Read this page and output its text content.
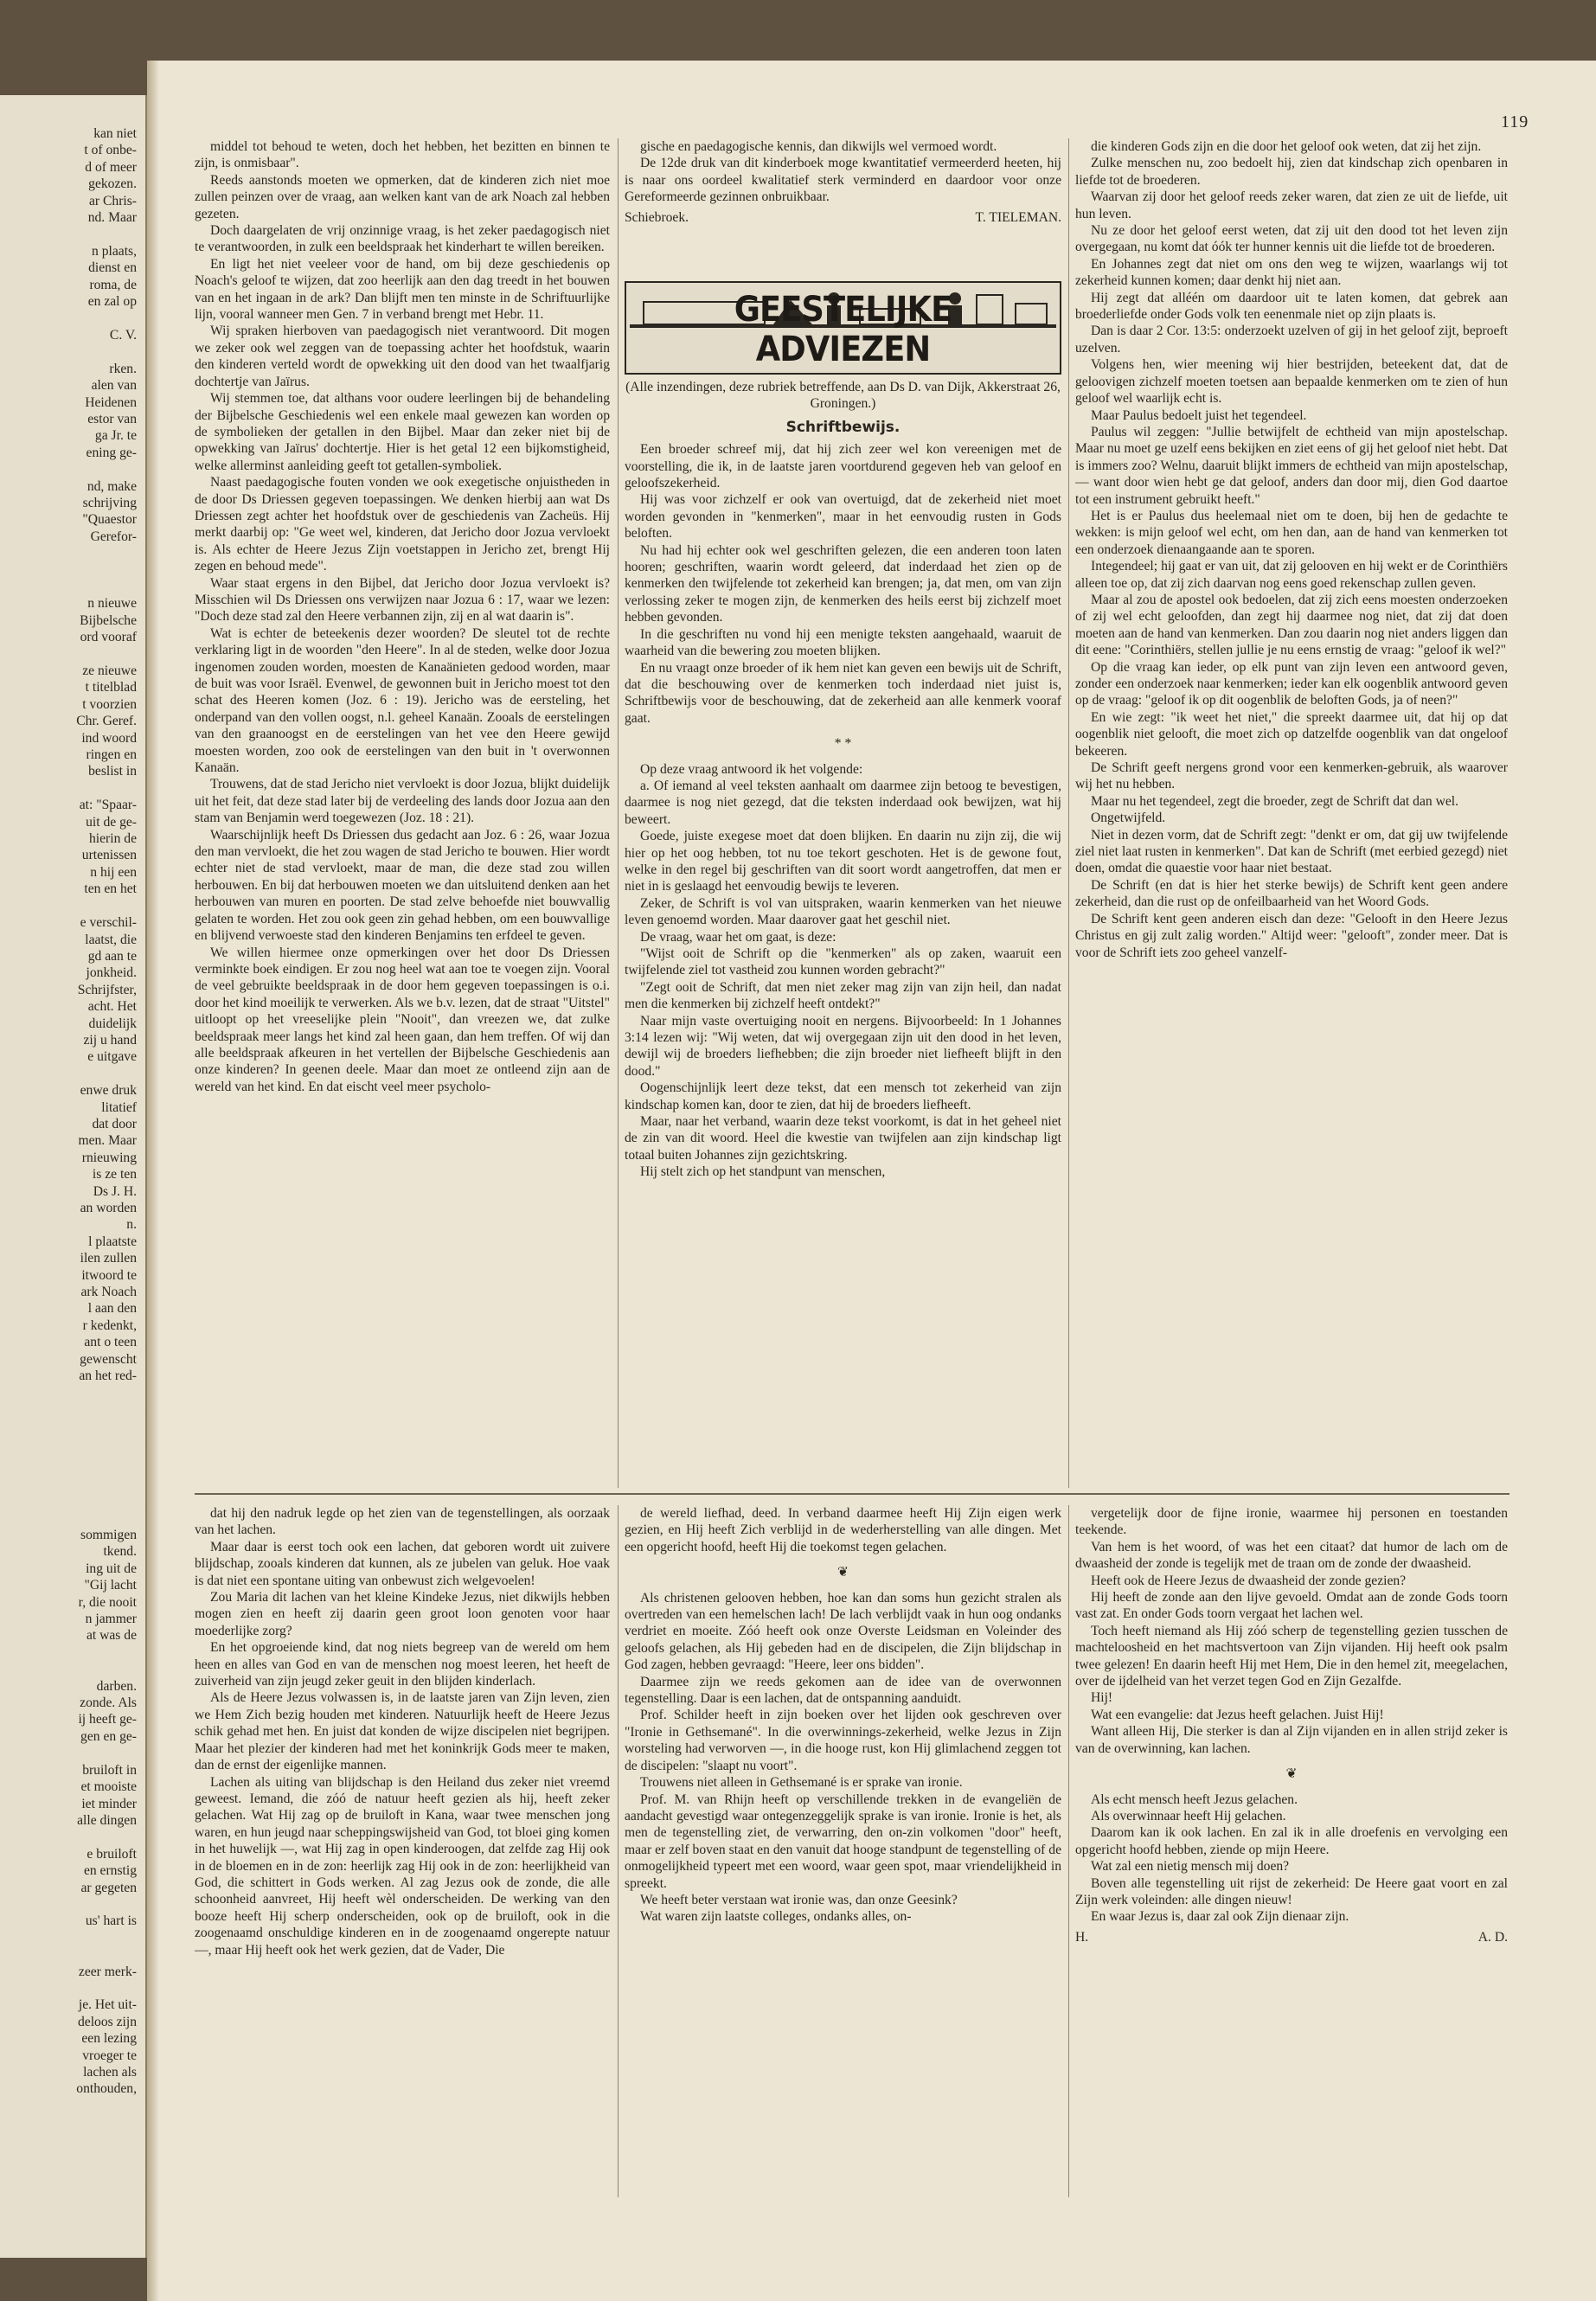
kan niet
t of onbe-
d of meer
gekozen.
ar Chris-
nd. Maar

n plaats,
dienst en
roma, de
en zal op

C. V.

rken.
alen van
Heidenen
estor van
ga Jr. te
ening ge-

nd, make
schrijving
"Quaestor
Gerefor-

n nieuwe
Bijbelsche
ord vooraf

ze nieuwe
t titelblad
t voorzien
Chr. Geref.
ind woord
ringen en
beslist in

at: "Spaar-
uit de ge-
hierin de
urtenissen
n hij een
ten en het

e verschil-
laatst, die
gd aan te
jonkheid.
Schrijfster,
acht. Het
duidelijk
zij u hand
e uitgave

enwe druk
litatief
dat door
men. Maar
rnieuwing
is ze ten
Ds J. H.
an worden
n.
l plaatste
ilen zullen
itwoord te
ark Noach
l aan den
r kedenkt,
ant o teen
gewenscht
an het red-
sommigen
tkend.
ing uit de
"Gij lacht
r, die nooit
n jammer
at was de

darben.
zonde. Als
ij heeft ge-
gen en ge-

bruiloft in
et mooiste
iet minder
alle dingen

e bruiloft
en ernstig
ar gegeten

us' hart is

zeer merk-

je. Het uit-
deloos zijn
een lezing
vroeger te
lachen als
onthouden,
119

middel tot behoud te weten, doch het hebben, het bezitten en binnen te zijn, is onmisbaar".

Reeds aanstonds moeten we opmerken, dat de kinderen zich niet moe zullen peinzen over de vraag, aan welken kant van de ark Noach zal hebben gezeten.

Doch daargelaten de vrij onzinnige vraag, is het zeker paedagogisch niet te verantwoorden, in zulk een beeldspraak het kinderhart te willen bereiken.

En ligt het niet veeleer voor de hand, om bij deze geschiedenis op Noach's geloof te wijzen, dat zoo heerlijk aan den dag treedt in het bouwen van en het ingaan in de ark? Dan blijft men ten minste in de Schriftuurlijke lijn, vooral wanneer men Gen. 7 in verband brengt met Hebr. 11.

Wij spraken hierboven van paedagogisch niet verantwoord. Dit mogen we zeker ook wel zeggen van de toepassing achter het hoofdstuk, waarin den kinderen verteld wordt de opwekking uit den dood van het twaalfjarig dochtertje van Jaïrus.

Wij stemmen toe, dat althans voor oudere leerlingen bij de behandeling der Bijbelsche Geschiedenis wel een enkele maal gewezen kan worden op de symbolieken der getallen in den Bijbel. Maar dan zeker niet bij de opwekking van Jaïrus' dochtertje. Hier is het getal 12 een bijkomstigheid, welke allerminst aanleiding geeft tot getallen-symboliek.

Naast paedagogische fouten vonden we ook exegetische onjuistheden in de door Ds Driessen gegeven toepassingen. We denken hierbij aan wat Ds Driessen zegt achter het hoofdstuk over de geschiedenis van Zacheüs. Hij merkt daarbij op: "Ge weet wel, kinderen, dat Jericho door Jozua vervloekt is. Als echter de Heere Jezus Zijn voetstappen in Jericho zet, brengt Hij zegen en behoud mede".

Waar staat ergens in den Bijbel, dat Jericho door Jozua vervloekt is? Misschien wil Ds Driessen ons verwijzen naar Jozua 6 : 17, waar we lezen: "Doch deze stad zal den Heere verbannen zijn, zij en al wat daarin is".

Wat is echter de beteekenis dezer woorden? De sleutel tot de rechte verklaring ligt in de woorden "den Heere". In al de steden, welke door Jozua ingenomen zouden worden, moesten de Kanaänieten gedood worden, maar de buit was voor Israël. Evenwel, de gewonnen buit in Jericho moest tot den schat des Heeren komen (Joz. 6 : 19). Jericho was de eersteling, het onderpand van den vollen oogst, n.l. geheel Kanaän. Zooals de eerstelingen van den graanoogst en de eerstelingen van het vee den Heere gewijd moesten worden, zoo ook de eerstelingen van den buit in 't overwonnen Kanaän.

Trouwens, dat de stad Jericho niet vervloekt is door Jozua, blijkt duidelijk uit het feit, dat deze stad later bij de verdeeling des lands door Jozua aan den stam van Benjamin werd toegewezen (Joz. 18 : 21).

Waarschijnlijk heeft Ds Driessen dus gedacht aan Joz. 6 : 26, waar Jozua den man vervloekt, die het zou wagen de stad Jericho te bouwen. Hier wordt echter niet de stad vervloekt, maar de man, die deze stad zou willen herbouwen. En bij dat herbouwen moeten we dan uitsluitend denken aan het herbouwen van muren en poorten. De stad zelve behoefde niet bouwvallig gelaten te worden. Het zou ook geen zin gehad hebben, om een bouwvallige en blijvend verwoeste stad den kinderen Benjamins ten erfdeel te geven.

We willen hiermee onze opmerkingen over het door Ds Driessen verminkte boek eindigen. Er zou nog heel wat aan toe te voegen zijn. Vooral de veel gebruikte beeldspraak in de door hem gegeven toepassingen is o.i. door het kind moeilijk te verwerken. Als we b.v. lezen, dat de straat "Uitstel" uitloopt op het vreeselijke plein "Nooit", dan vreezen we, dat zulke beeldspraak meer langs het kind zal heen gaan, dan hem treffen. Of wij dan alle beeldspraak afkeuren in het vertellen der Bijbelsche Geschiedenis aan onze kinderen? In geenen deele. Maar dan moet ze ontleend zijn aan de wereld van het kind. En dat eischt veel meer psycholo-

gische en paedagogische kennis, dan dikwijls wel vermoed wordt.

De 12de druk van dit kinderboek moge kwantitatief vermeerderd heeten, hij is naar ons oordeel kwalitatief sterk verminderd en daardoor voor onze Gereformeerde gezinnen onbruikbaar.

Schiebroek.	T. TIELEMAN.
GEESTELIJKE ADVIEZEN

(Alle inzendingen, deze rubriek betreffende, aan Ds D. van Dijk, Akkerstraat 26, Groningen.)

Schriftbewijs.

Een broeder schreef mij, dat hij zich zeer wel kon vereenigen met de voorstelling, die ik, in de laatste jaren voortdurend gegeven heb van geloof en geloofszekerheid.

Hij was voor zichzelf er ook van overtuigd, dat de zekerheid niet moet worden gevonden in "kenmerken", maar in het eenvoudig rusten in Gods beloften.

Nu had hij echter ook wel geschriften gelezen, die een anderen toon laten hooren; geschriften, waarin wordt geleerd, dat inderdaad het zien op de kenmerken den twijfelende tot zekerheid kan brengen; ja, dat men, om van zijn verlossing zeker te mogen zijn, de kenmerken des heils eerst bij zichzelf moet hebben gevonden.

In die geschriften nu vond hij een menigte teksten aangehaald, waaruit de waarheid van die bewering zou moeten blijken.

En nu vraagt onze broeder of ik hem niet kan geven een bewijs uit de Schrift, dat die beschouwing over de kenmerken toch inderdaad niet juist is, Schriftbewijs voor de beschouwing, dat de zekerheid aan alle kenmerk vooraf gaat.

* *

Op deze vraag antwoord ik het volgende:

a. Of iemand al veel teksten aanhaalt om daarmee zijn betoog te bevestigen, daarmee is nog niet gezegd, dat die teksten inderdaad ook bewijzen, wat hij beweert.

Goede, juiste exegese moet dat doen blijken. En daarin nu zijn zij, die wij hier op het oog hebben, tot nu toe tekort geschoten. Het is de gewone fout, welke in den regel bij geschriften van dit soort wordt aangetroffen, dat men er niet in is geslaagd het eenvoudig bewijs te leveren.

Zeker, de Schrift is vol van uitspraken, waarin kenmerken van het nieuwe leven genoemd worden. Maar daarover gaat het geschil niet.

De vraag, waar het om gaat, is deze:

"Wijst ooit de Schrift op die "kenmerken" als op zaken, waaruit een twijfelende ziel tot vastheid zou kunnen worden gebracht?"

"Zegt ooit de Schrift, dat men niet zeker mag zijn van zijn heil, dan nadat men die kenmerken bij zichzelf heeft ontdekt?"

Naar mijn vaste overtuiging nooit en nergens. Bijvoorbeeld: In 1 Johannes 3:14 lezen wij: "Wij weten, dat wij overgegaan zijn uit den dood in het leven, dewijl wij de broeders liefhebben; die zijn broeder niet liefheeft blijft in den dood."

Oogenschijnlijk leert deze tekst, dat een mensch tot zekerheid van zijn kindschap komen kan, door te zien, dat hij de broeders liefheeft.

Maar, naar het verband, waarin deze tekst voorkomt, is dat in het geheel niet de zin van dit woord. Heel die kwestie van twijfelen aan zijn kindschap ligt totaal buiten Johannes zijn gezichtskring.

Hij stelt zich op het standpunt van menschen,

die kinderen Gods zijn en die door het geloof ook weten, dat zij het zijn.

Zulke menschen nu, zoo bedoelt hij, zien dat kindschap zich openbaren in liefde tot de broederen.

Waarvan zij door het geloof reeds zeker waren, dat zien ze uit de liefde, uit hun leven.

Nu ze door het geloof eerst weten, dat zij uit den dood tot het leven zijn overgegaan, nu komt dat óók ter hunner kennis uit die liefde tot de broederen.

En Johannes zegt dat niet om ons den weg te wijzen, waarlangs wij tot zekerheid kunnen komen; daar denkt hij niet aan.

Hij zegt dat alléén om daardoor uit te laten komen, dat gebrek aan broederliefde onder Gods volk ten eenenmale niet op zijn plaats is.

Dan is daar 2 Cor. 13:5: onderzoekt uzelven of gij in het geloof zijt, beproeft uzelven.

Volgens hen, wier meening wij hier bestrijden, beteekent dat, dat de geloovigen zichzelf moeten toetsen aan bepaalde kenmerken om te zien of hun geloof wel waarlijk echt is.

Maar Paulus bedoelt juist het tegendeel.

Paulus wil zeggen: "Jullie betwijfelt de echtheid van mijn apostelschap. Maar nu moet ge uzelf eens bekijken en ziet eens of gij het geloof niet hebt. Dat is immers zoo? Welnu, daaruit blijkt immers de echtheid van mijn apostelschap, — want door wien hebt ge dat geloof, anders dan door mij, dien God daartoe tot een instrument gebruikt heeft."

Het is er Paulus dus heelemaal niet om te doen, bij hen de gedachte te wekken: is mijn geloof wel echt, om hen dan, aan de hand van kenmerken tot een onderzoek dienaangaande aan te sporen.

Integendeel; hij gaat er van uit, dat zij gelooven en hij wekt er de Corinthiërs alleen toe op, dat zij zich daarvan nog eens goed rekenschap zullen geven.

Maar al zou de apostel ook bedoelen, dat zij zich eens moesten onderzoeken of zij wel echt geloofden, dan zegt hij daarmee nog niet, dat zij dat doen moeten aan de hand van kenmerken. Dan zou daarin nog niet anders liggen dan dit eene: "Corinthiërs, stellen jullie je nu eens ernstig de vraag: "geloof ik wel?"

Op die vraag kan ieder, op elk punt van zijn leven een antwoord geven, zonder een onderzoek naar kenmerken; ieder kan elk oogenblik antwoord geven op de vraag: "geloof ik op dit oogenblik de beloften Gods, ja of neen?"

En wie zegt: "ik weet het niet," die spreekt daarmee uit, dat hij op dat oogenblik niet gelooft, die moet zich op datzelfde oogenblik van dat ongeloof bekeeren.

De Schrift geeft nergens grond voor een kenmerken-gebruik, als waarover wij het nu hebben.

Maar nu het tegendeel, zegt die broeder, zegt de Schrift dat dan wel.

Ongetwijfeld.

Niet in dezen vorm, dat de Schrift zegt: "denkt er om, dat gij uw twijfelende ziel niet laat rusten in kenmerken". Dat kan de Schrift (met eerbied gezegd) niet doen, omdat die quaestie voor haar niet bestaat.

De Schrift (en dat is hier het sterke bewijs) de Schrift kent geen andere zekerheid, dan die rust op de onfeilbaarheid van het Woord Gods.

De Schrift kent geen anderen eisch dan deze: "Gelooft in den Heere Jezus Christus en gij zult zalig worden." Altijd weer: "gelooft", zonder meer. Dat is voor de Schrift iets zoo geheel vanzelf-

dat hij den nadruk legde op het zien van de tegenstellingen, als oorzaak van het lachen.

Maar daar is eerst toch ook een lachen, dat geboren wordt uit zuivere blijdschap, zooals kinderen dat kunnen, als ze jubelen van geluk. Hoe vaak is dat niet een spontane uiting van onbewust zich welgevoelen!

Zou Maria dit lachen van het kleine Kindeke Jezus, niet dikwijls hebben mogen zien en heeft zij daarin geen groot loon genoten voor haar moederlijke zorg?

En het opgroeiende kind, dat nog niets begreep van de wereld om hem heen en alles van God en van de menschen nog moest leeren, het heeft de zuiverheid van zijn jeugd zeker geuit in den blijden kinderlach.

Als de Heere Jezus volwassen is, in de laatste jaren van Zijn leven, zien we Hem Zich bezig houden met kinderen. Natuurlijk heeft de Heere Jezus schik gehad met hen. En juist dat konden de wijze discipelen niet begrijpen. Maar het plezier der kinderen had met het koninkrijk Gods meer te maken, dan de ernst der eigenlijke mannen.

Lachen als uiting van blijdschap is den Heiland dus zeker niet vreemd geweest. Iemand, die zóó de natuur heeft gezien als hij, heeft zeker gelachen. Wat Hij zag op de bruiloft in Kana, waar twee menschen jong waren, en hun jeugd naar scheppingswijsheid van God, tot bloei ging komen in het huwelijk —, wat Hij zag in open kinderoogen, dat zelfde zag Hij ook in de bloemen en in de zon: heerlijk zag Hij ook in de zon: heerlijkheid van God, die schittert in Gods werken. Al zag Jezus ook de zonde, die alle schoonheid aanvreet, Hij heeft wèl onderscheiden. De werking van den booze heeft Hij scherp onderscheiden, ook op de bruiloft, ook in die zoogenaamd onschuldige kinderen en in de zoogenaamd ongerepte natuur —, maar Hij heeft ook het werk gezien, dat de Vader, Die

de wereld liefhad, deed. In verband daarmee heeft Hij Zijn eigen werk gezien, en Hij heeft Zich verblijd in de wederherstelling van alle dingen. Met een opgericht hoofd, heeft Hij die toekomst tegen gelachen.

❦

Als christenen gelooven hebben, hoe kan dan soms hun gezicht stralen als overtreden van een hemelschen lach! De lach verblijdt vaak in hun oog ondanks verdriet en moeite. Zóó heeft ook onze Overste Leidsman en Voleinder des geloofs gelachen, als Hij gebeden had en de discipelen, die Zijn blijdschap in God zagen, hebben gevraagd: "Heere, leer ons bidden".

Daarmee zijn we reeds gekomen aan de idee van de overwonnen tegenstelling. Daar is een lachen, dat de ontspanning aanduidt.

Prof. Schilder heeft in zijn boeken over het lijden ook geschreven over "Ironie in Gethsemané". In die overwinnings-zekerheid, welke Jezus in Zijn worsteling had verworven —, in die hooge rust, kon Hij glimlachend zeggen tot de discipelen: "slaapt nu voort".

Trouwens niet alleen in Gethsemané is er sprake van ironie.

Prof. M. van Rhijn heeft op verschillende trekken in de evangeliën de aandacht gevestigd waar ontegenzeggelijk sprake is van ironie. Ironie is het, als men de tegenstelling ziet, de verwarring, den on-zin volkomen "door" heeft, maar er zelf boven staat en den vanuit dat hooge standpunt de tegenstelling of de onmogelijkheid typeert met een woord, waar geen spot, maar vriendelijkheid in spreekt.

We heeft beter verstaan wat ironie was, dan onze Geesink?

Wat waren zijn laatste colleges, ondanks alles, on-

vergetelijk door de fijne ironie, waarmee hij personen en toestanden teekende.

Van hem is het woord, of was het een citaat? dat humor de lach om de dwaasheid der zonde is tegelijk met de traan om de zonde der dwaasheid.

Heeft ook de Heere Jezus de dwaasheid der zonde gezien?

Hij heeft de zonde aan den lijve gevoeld. Omdat aan de zonde Gods toorn vast zat. En onder Gods toorn vergaat het lachen wel.

Toch heeft niemand als Hij zóó scherp de tegenstelling gezien tusschen de machteloosheid en het machtsvertoon van Zijn vijanden. Hij heeft ook psalm twee gelezen! En daarin heeft Hij met Hem, Die in den hemel zit, meegelachen, over de ijdelheid van het verzet tegen God en Zijn Gezalfde.

Hij!

Wat een evangelie: dat Jezus heeft gelachen. Juist Hij!

Want alleen Hij, Die sterker is dan al Zijn vijanden en in allen strijd zeker is van de overwinning, kan lachen.

❦

Als echt mensch heeft Jezus gelachen.

Als overwinnaar heeft Hij gelachen.

Daarom kan ik ook lachen. En zal ik in alle droefenis en vervolging een opgericht hoofd hebben, ziende op mijn Heere.

Wat zal een nietig mensch mij doen?

Boven alle tegenstelling uit rijst de zekerheid: De Heere gaat voort en zal Zijn werk voleinden: alle dingen nieuw!

En waar Jezus is, daar zal ook Zijn dienaar zijn.

H.	A. D.
